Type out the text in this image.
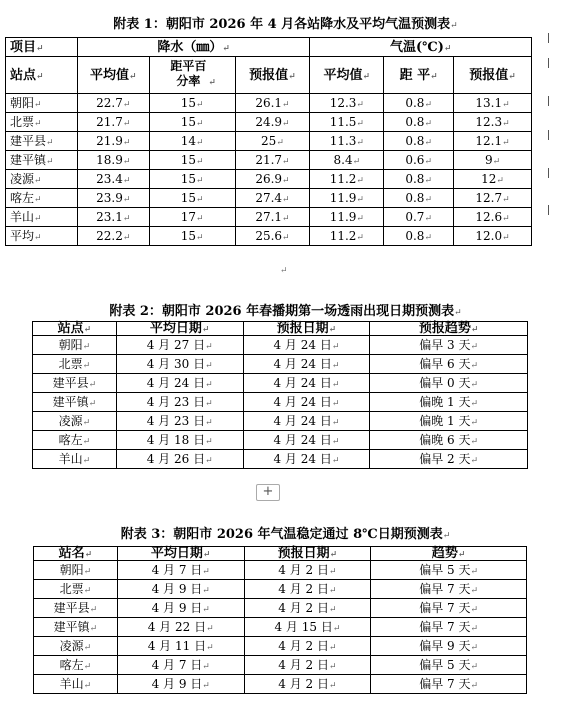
附表 1：朝阳市 2026 年 4 月各站降水及平均气温预测表↵
项目↵	降水（㎜）↵			气温(℃)↵		
站点↵	平均值↵	距平百分率 ↵	预报值↵	平均值↵	距 平↵	预报值↵
朝阳↵	22.7↵	15↵	26.1↵	12.3↵	0.8↵	13.1↵
北票↵	21.7↵	15↵	24.9↵	11.5↵	0.8↵	12.3↵
建平县↵	21.9↵	14↵	25↵	11.3↵	0.8↵	12.1↵
建平镇↵	18.9↵	15↵	21.7↵	8.4↵	0.6↵	9↵
凌源↵	23.4↵	15↵	26.9↵	11.2↵	0.8↵	12↵
喀左↵	23.9↵	15↵	27.4↵	11.9↵	0.8↵	12.7↵
羊山↵	23.1↵	17↵	27.1↵	11.9↵	0.7↵	12.6↵
平均↵	22.2↵	15↵	25.6↵	11.2↵	0.8↵	12.0↵
↵
附表 2：朝阳市 2026 年春播期第一场透雨出现日期预测表↵
站点↵	平均日期↵	预报日期↵	预报趋势↵
朝阳↵	4 月 27 日↵	4 月 24 日↵	偏早 3 天↵
北票↵	4 月 30 日↵	4 月 24 日↵	偏早 6 天↵
建平县↵	4 月 24 日↵	4 月 24 日↵	偏早 0 天↵
建平镇↵	4 月 23 日↵	4 月 24 日↵	偏晚 1 天↵
凌源↵	4 月 23 日↵	4 月 24 日↵	偏晚 1 天↵
喀左↵	4 月 18 日↵	4 月 24 日↵	偏晚 6 天↵
羊山↵	4 月 26 日↵	4 月 24 日↵	偏早 2 天↵
+
附表 3：朝阳市 2026 年气温稳定通过 8℃日期预测表↵
站名↵	平均日期↵	预报日期↵	趋势↵
朝阳↵	4 月 7 日↵	4 月 2 日↵	偏早 5 天↵
北票↵	4 月 9 日↵	4 月 2 日↵	偏早 7 天↵
建平县↵	4 月 9 日↵	4 月 2 日↵	偏早 7 天↵
建平镇↵	4 月 22 日↵	4 月 15 日↵	偏早 7 天↵
凌源↵	4 月 11 日↵	4 月 2 日↵	偏早 9 天↵
喀左↵	4 月 7 日↵	4 月 2 日↵	偏早 5 天↵
羊山↵	4 月 9 日↵	4 月 2 日↵	偏早 7 天↵
